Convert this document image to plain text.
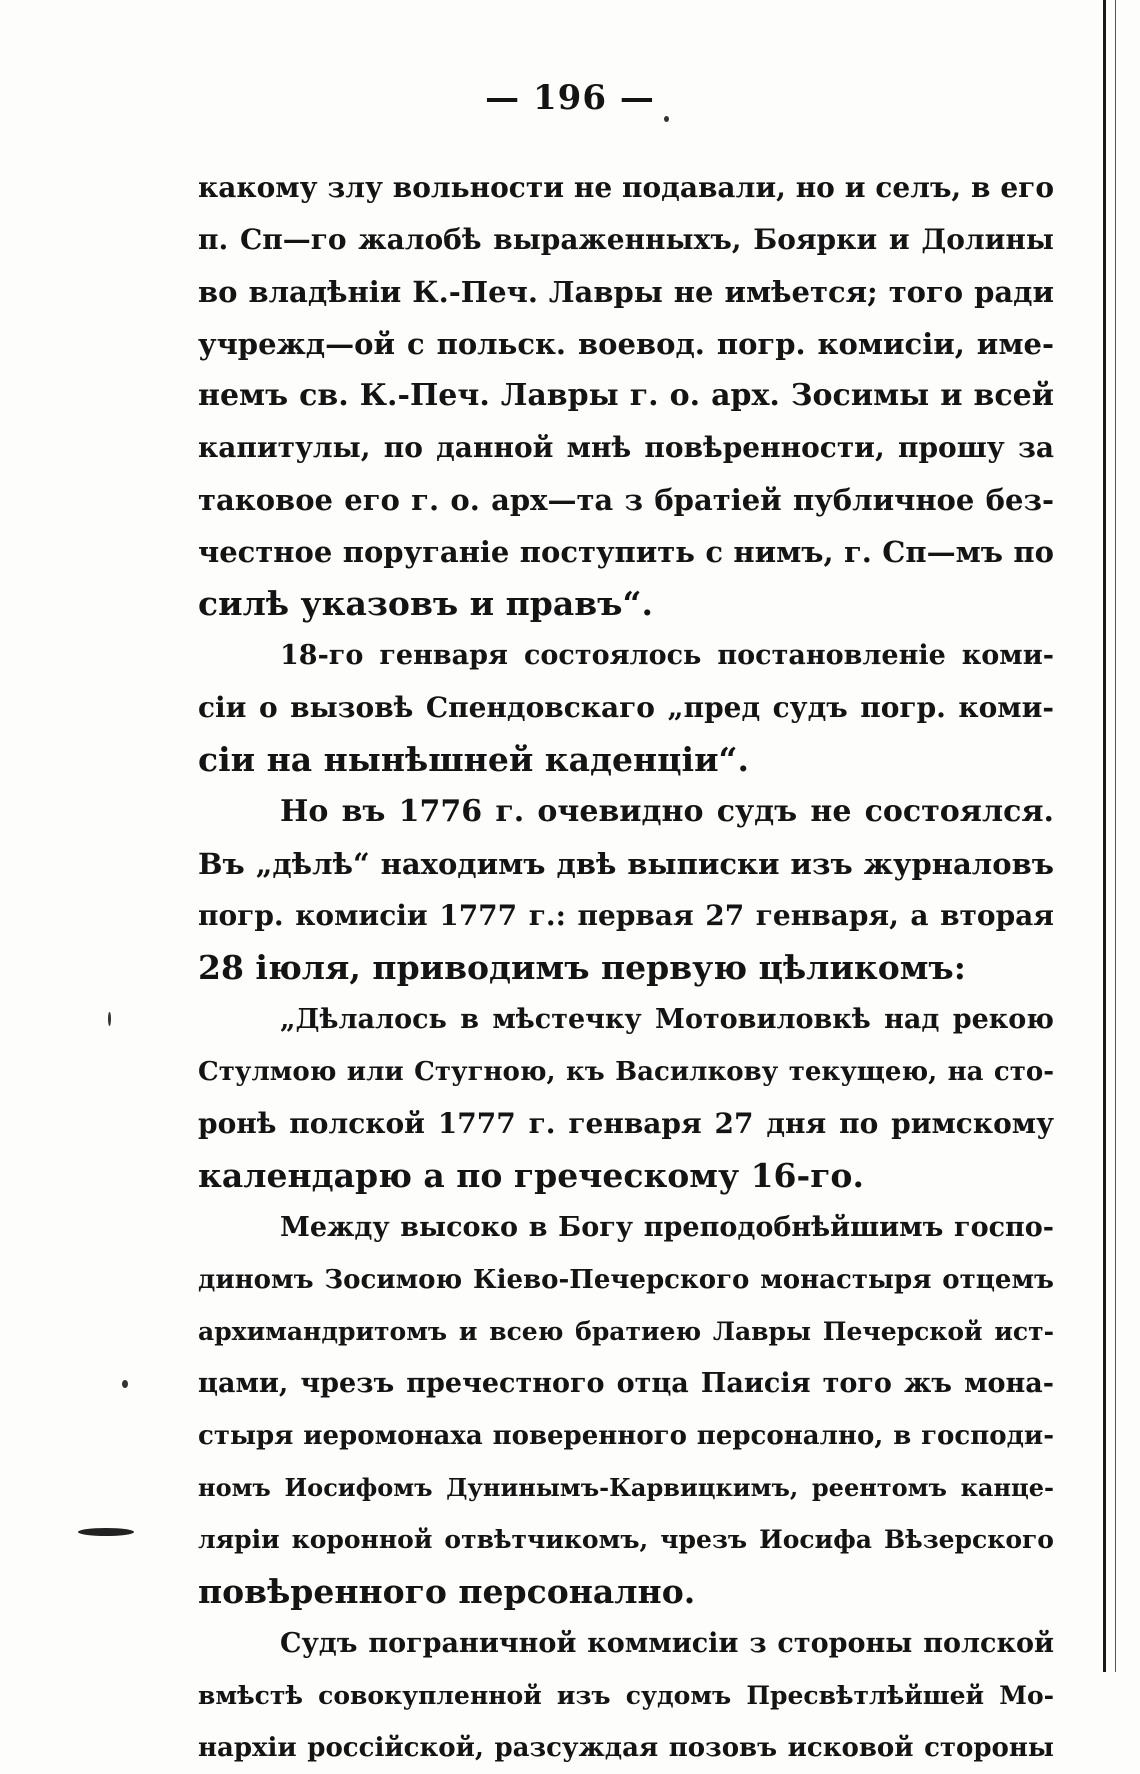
— 196 —
какому злу вольности не подавали, но и селъ, в его
п. Сп—го жалобѣ выраженныхъ, Боярки и Долины
во владѣніи К.-Печ. Лавры не имѣется; того ради
учрежд—ой с польск. воевод. погр. комисіи, име-
немъ св. К.-Печ. Лавры г. о. арх. Зосимы и всей
капитулы, по данной мнѣ повѣренности, прошу за
таковое его г. о. арх—та з братіей публичное без-
честное поруганіе поступить с нимъ, г. Сп—мъ по
силѣ указовъ и правъ“.
18-го генваря состоялось постановленіе коми-
сіи о вызовѣ Спендовскаго „пред судъ погр. коми-
сіи на нынѣшней каденціи“.
Но въ 1776 г. очевидно судъ не состоялся.
Въ „дѣлѣ“ находимъ двѣ выписки изъ журналовъ
погр. комисіи 1777 г.: первая 27 генваря, а вторая
28 іюля, приводимъ первую цѣликомъ:
„Дѣлалось в мѣстечку Мотовиловкѣ над рекою
Стулмою или Стугною, къ Василкову текущею, на сто-
ронѣ полской 1777 г. генваря 27 дня по римскому
календарю а по греческому 16-го.
Между высоко в Богу преподобнѣйшимъ госпо-
диномъ Зосимою Кіево-Печерского монастыря отцемъ
архимандритомъ и всею братиею Лавры Печерской ист-
цами, чрезъ пречестного отца Паисія того жъ мона-
стыря иеромонаха поверенного персонално, в господи-
номъ Иосифомъ Дунинымъ-Карвицкимъ, реентомъ канце-
ляріи коронной отвѣтчикомъ, чрезъ Иосифа Вѣзерского
повѣренного персонално.
Судъ пограничной коммисіи з стороны полской
вмѣстѣ совокупленной изъ судомъ Пресвѣтлѣйшей Мо-
нархіи россійской, разсуждая позовъ исковой стороны
